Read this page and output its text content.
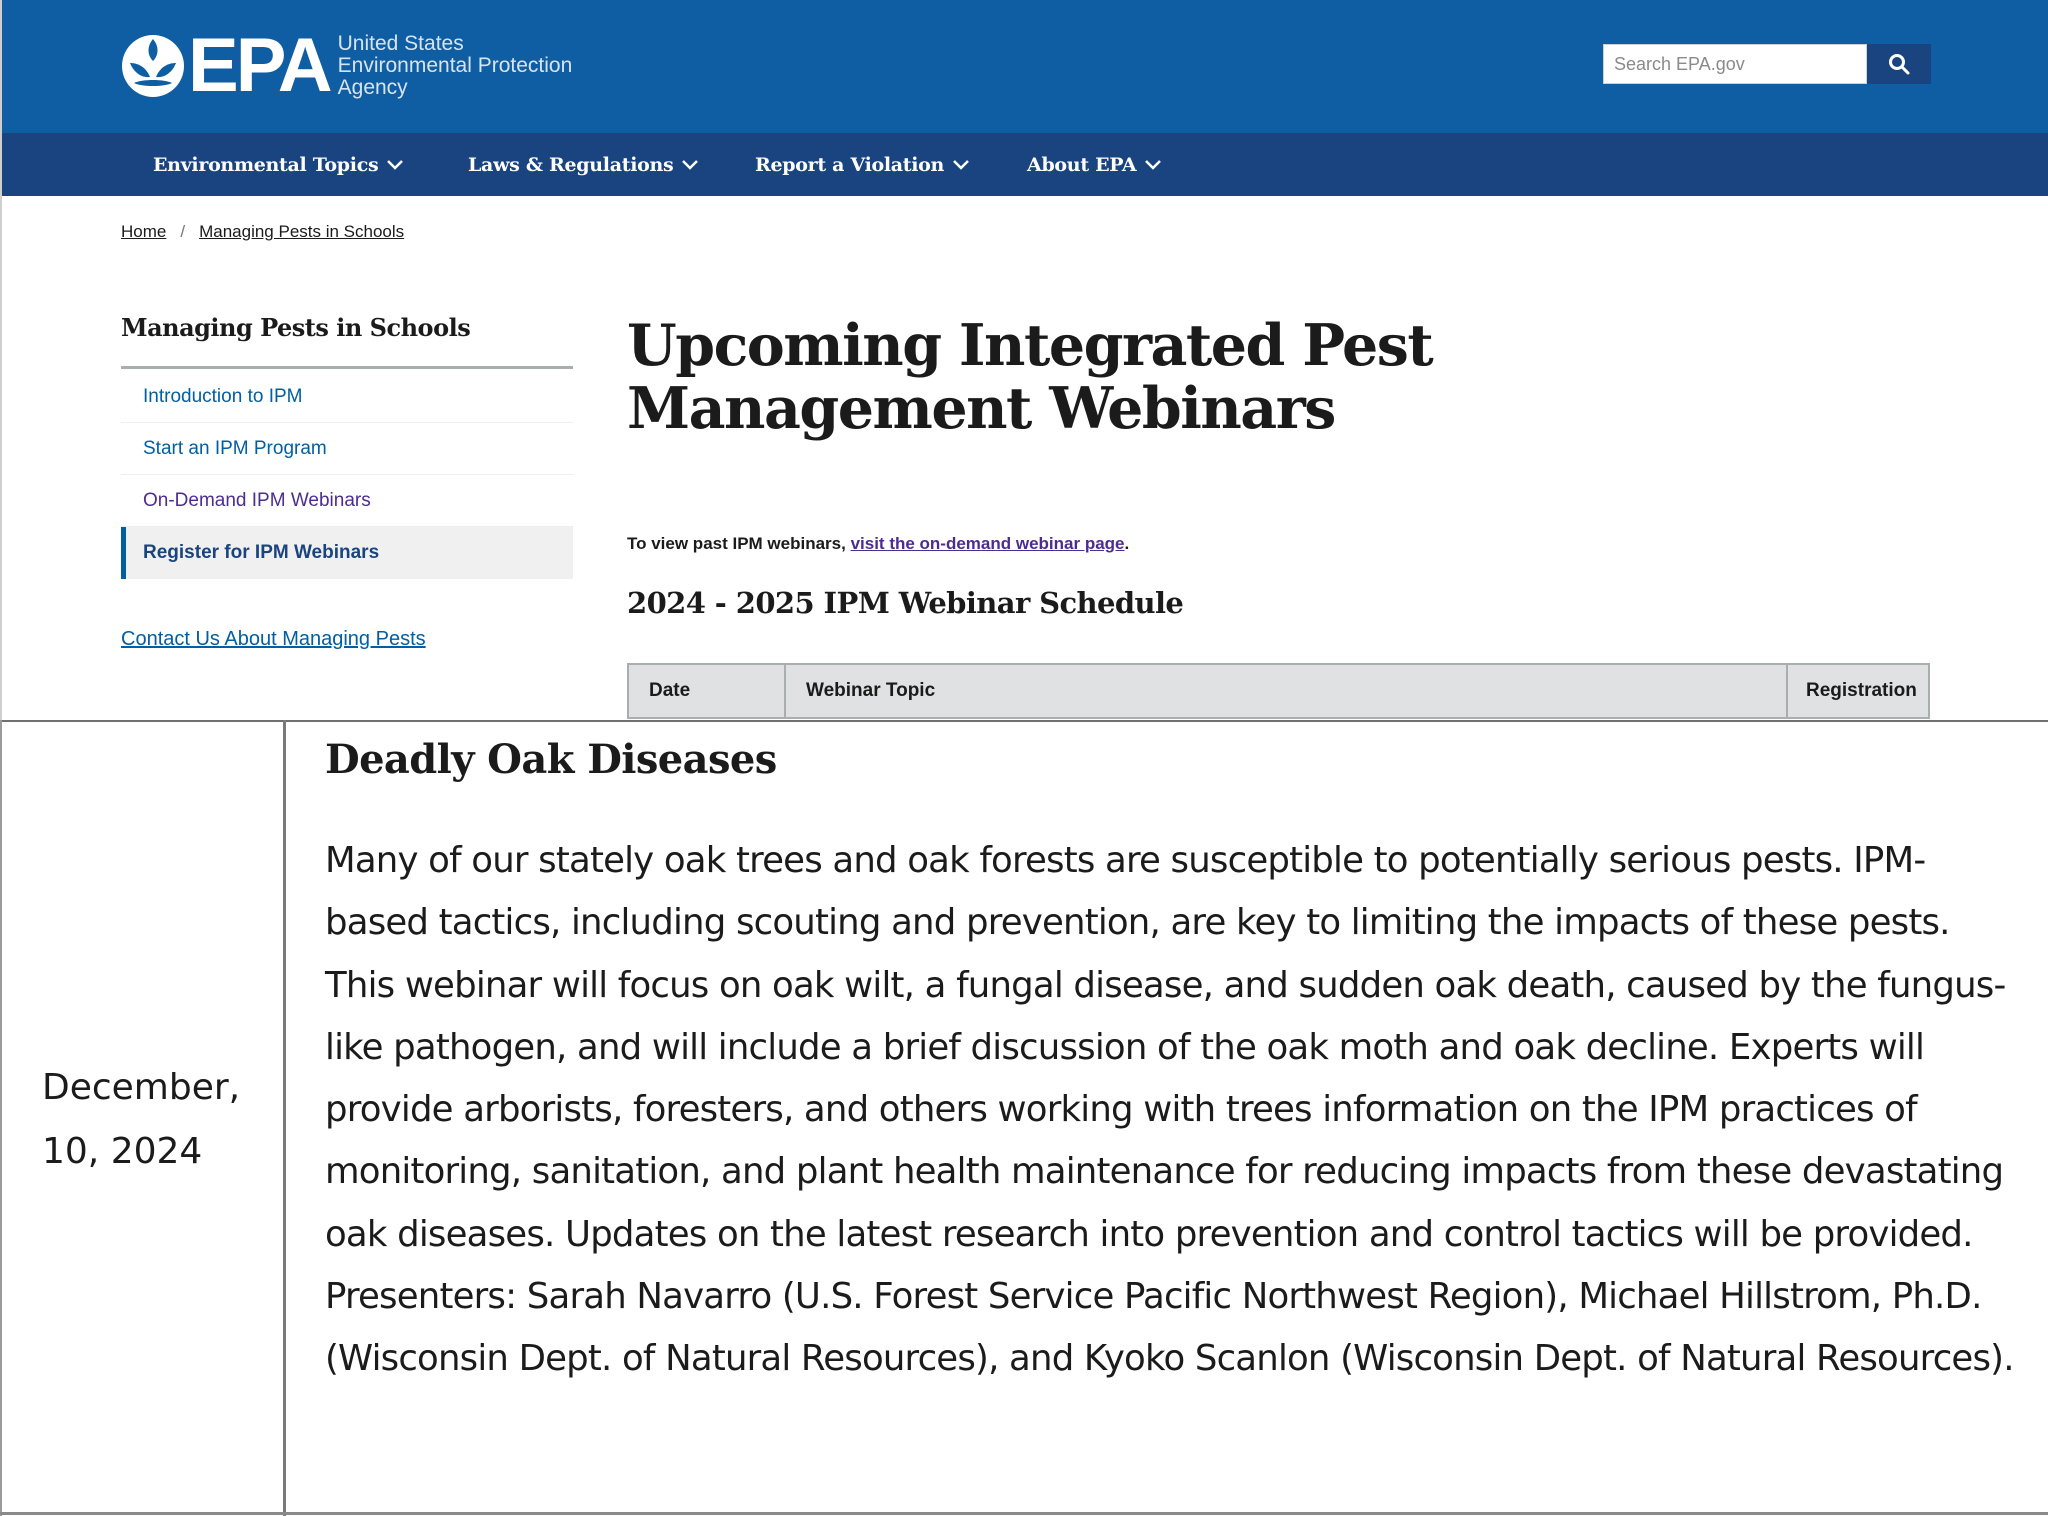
EPA United States
Environmental Protection
Agency
Search EPA.gov
Environmental Topics	Laws & Regulations	Report a Violation	About EPA
Home / Managing Pests in Schools
Managing Pests in Schools
Introduction to IPM
Start an IPM Program
On-Demand IPM Webinars
Register for IPM Webinars
Contact Us About Managing Pests
Upcoming Integrated Pest Management Webinars
To view past IPM webinars, visit the on-demand webinar page.
2024 - 2025 IPM Webinar Schedule
Date	Webinar Topic	Registration
December, 10, 2024
Deadly Oak Diseases

Many of our stately oak trees and oak forests are susceptible to potentially serious pests. IPM-based tactics, including scouting and prevention, are key to limiting the impacts of these pests. This webinar will focus on oak wilt, a fungal disease, and sudden oak death, caused by the fungus-like pathogen, and will include a brief discussion of the oak moth and oak decline. Experts will provide arborists, foresters, and others working with trees information on the IPM practices of monitoring, sanitation, and plant health maintenance for reducing impacts from these devastating oak diseases. Updates on the latest research into prevention and control tactics will be provided. Presenters: Sarah Navarro (U.S. Forest Service Pacific Northwest Region), Michael Hillstrom, Ph.D. (Wisconsin Dept. of Natural Resources), and Kyoko Scanlon (Wisconsin Dept. of Natural Resources).
